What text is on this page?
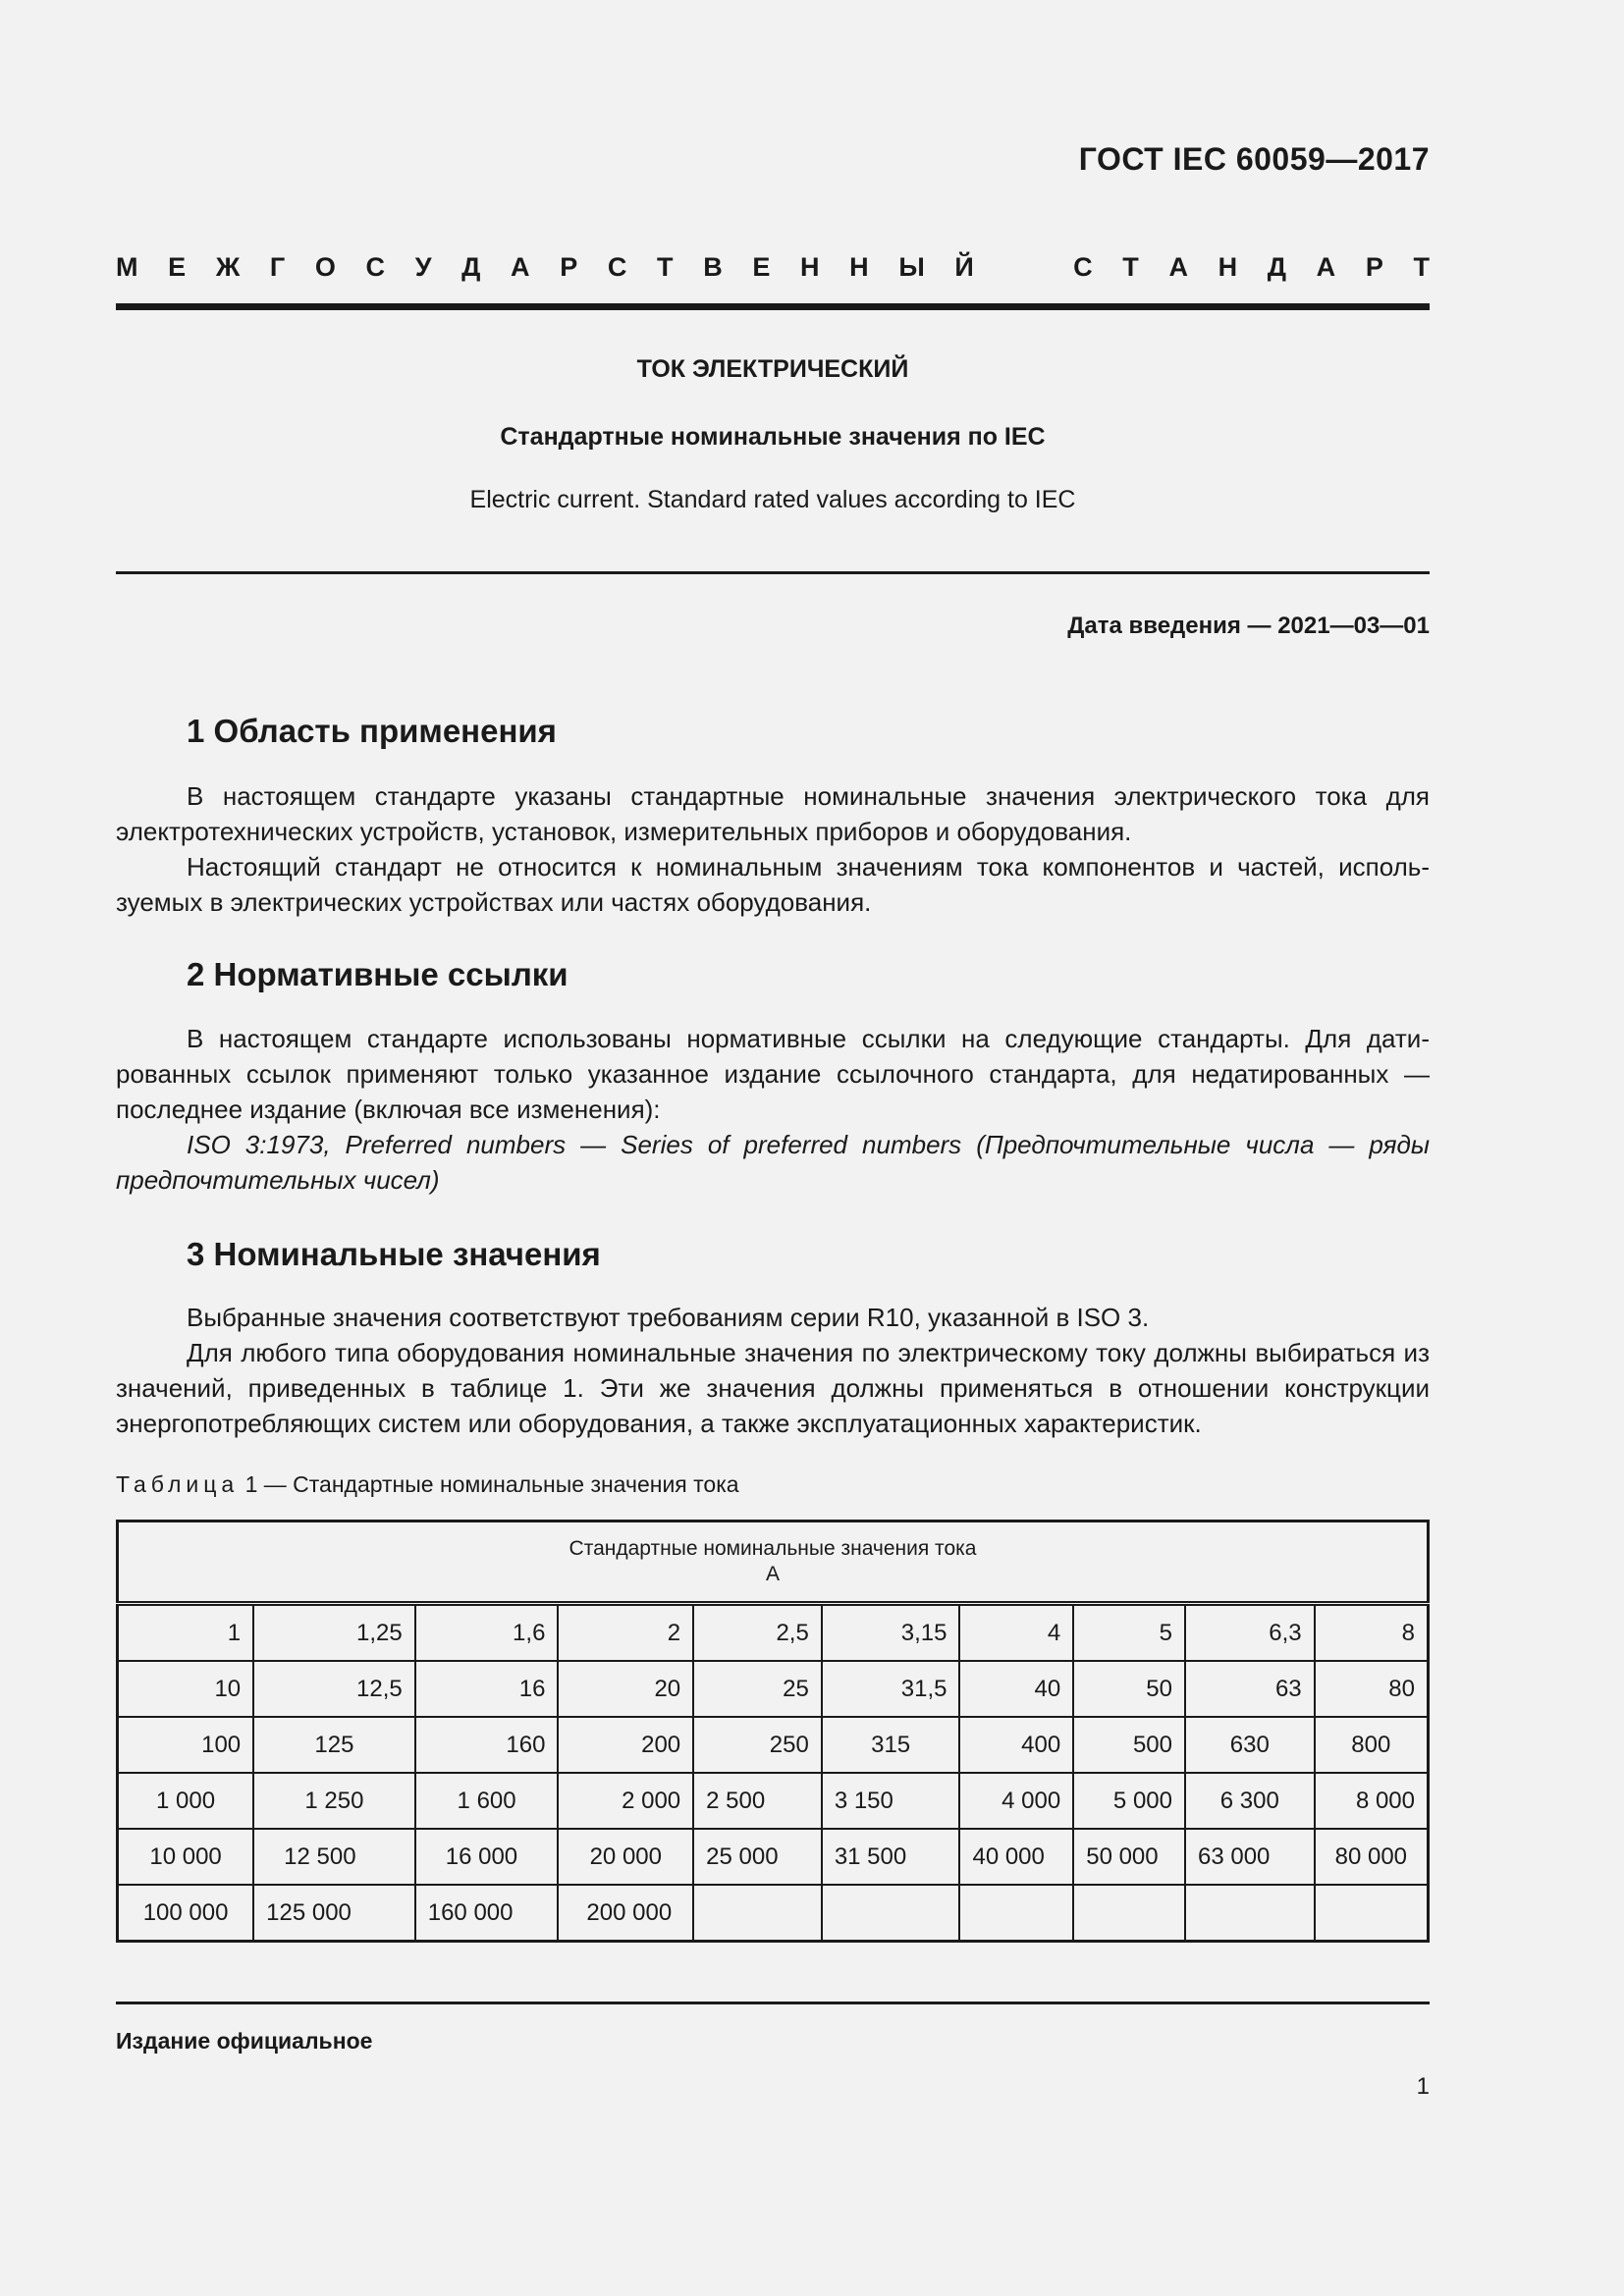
ГОСТ IEC 60059—2017
М Е Ж Г О С У Д А Р С Т В Е Н Н Ы Й	С Т А Н Д А Р Т
ТОК ЭЛЕКТРИЧЕСКИЙ
Стандартные номинальные значения по IEC
Electric current. Standard rated values according to IEC
Дата введения — 2021—03—01
1 Область применения

В настоящем стандарте указаны стандартные номинальные значения электрического тока для электротехнических устройств, установок, измерительных приборов и оборудования.

Настоящий стандарт не относится к номинальным значениям тока компонентов и частей, используемых в электрических устройствах или частях оборудования.

2 Нормативные ссылки

В настоящем стандарте использованы нормативные ссылки на следующие стандарты. Для датированных ссылок применяют только указанное издание ссылочного стандарта, для недатированных — последнее издание (включая все изменения):

ISO 3:1973, Preferred numbers — Series of preferred numbers (Предпочтительные числа — ряды предпочтительных чисел)

3 Номинальные значения

Выбранные значения соответствуют требованиям серии R10, указанной в ISO 3.

Для любого типа оборудования номинальные значения по электрическому току должны выбираться из значений, приведенных в таблице 1. Эти же значения должны применяться в отношении конструкции энергопотребляющих систем или оборудования, а также эксплуатационных характеристик.

Таблица 1 — Стандартные номинальные значения тока
Стандартные номинальные значения тока
А									

1	1,25	1,6	2	2,5	3,15	4	5	6,3	8
10	12,5	16	20	25	31,5	40	50	63	80
100	125	160	200	250	315	400	500	630	800
1 000	1 250	1 600	2 000	2 500	3 150	4 000	5 000	6 300	8 000
10 000	12 500	16 000	20 000	25 000	31 500	40 000	50 000	63 000	80 000
100 000	125 000	160 000	200 000						
Издание официальное
1
